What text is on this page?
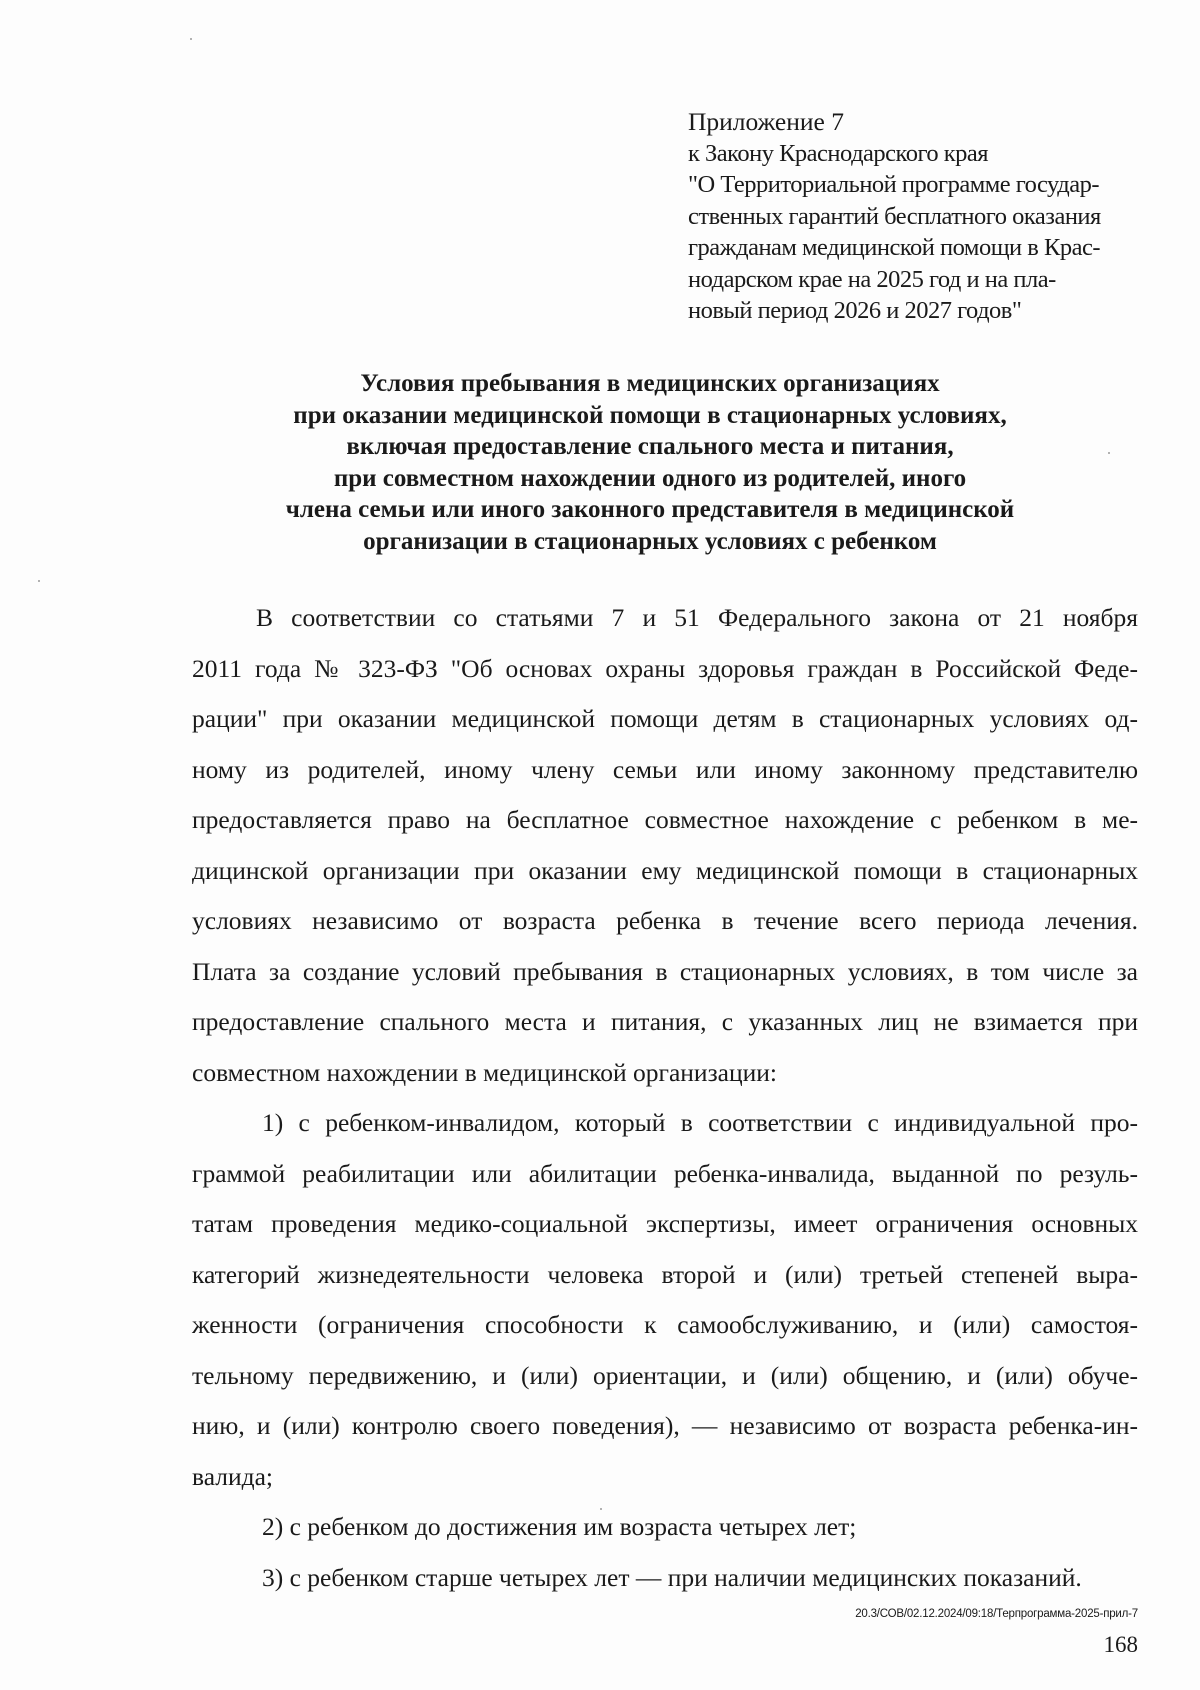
Приложение 7
к Закону Краснодарского края
"О Территориальной программе государ-
ственных гарантий бесплатного оказания
гражданам медицинской помощи в Крас-
нодарском крае на 2025 год и на пла-
новый период 2026 и 2027 годов"
Условия пребывания в медицинских организациях
при оказании медицинской помощи в стационарных условиях,
включая предоставление спального места и питания,
при совместном нахождении одного из родителей, иного
члена семьи или иного законного представителя в медицинской
организации в стационарных условиях с ребенком
В соответствии со статьями 7 и 51 Федерального закона от 21 ноября
2011 года № 323-ФЗ "Об основах охраны здоровья граждан в Российской Феде-
рации" при оказании медицинской помощи детям в стационарных условиях од-
ному из родителей, иному члену семьи или иному законному представителю
предоставляется право на бесплатное совместное нахождение с ребенком в ме-
дицинской организации при оказании ему медицинской помощи в стационарных
условиях независимо от возраста ребенка в течение всего периода лечения.
Плата за создание условий пребывания в стационарных условиях, в том числе за
предоставление спального места и питания, с указанных лиц не взимается при
совместном нахождении в медицинской организации:
1) с ребенком-инвалидом, который в соответствии с индивидуальной про-
граммой реабилитации или абилитации ребенка-инвалида, выданной по резуль-
татам проведения медико-социальной экспертизы, имеет ограничения основных
категорий жизнедеятельности человека второй и (или) третьей степеней выра-
женности (ограничения способности к самообслуживанию, и (или) самостоя-
тельному передвижению, и (или) ориентации, и (или) общению, и (или) обуче-
нию, и (или) контролю своего поведения), — независимо от возраста ребенка-ин-
валида;
2) с ребенком до достижения им возраста четырех лет;
3) с ребенком старше четырех лет — при наличии медицинских показаний.
20.3/СОВ/02.12.2024/09:18/Терпрограмма-2025-прил-7
168
